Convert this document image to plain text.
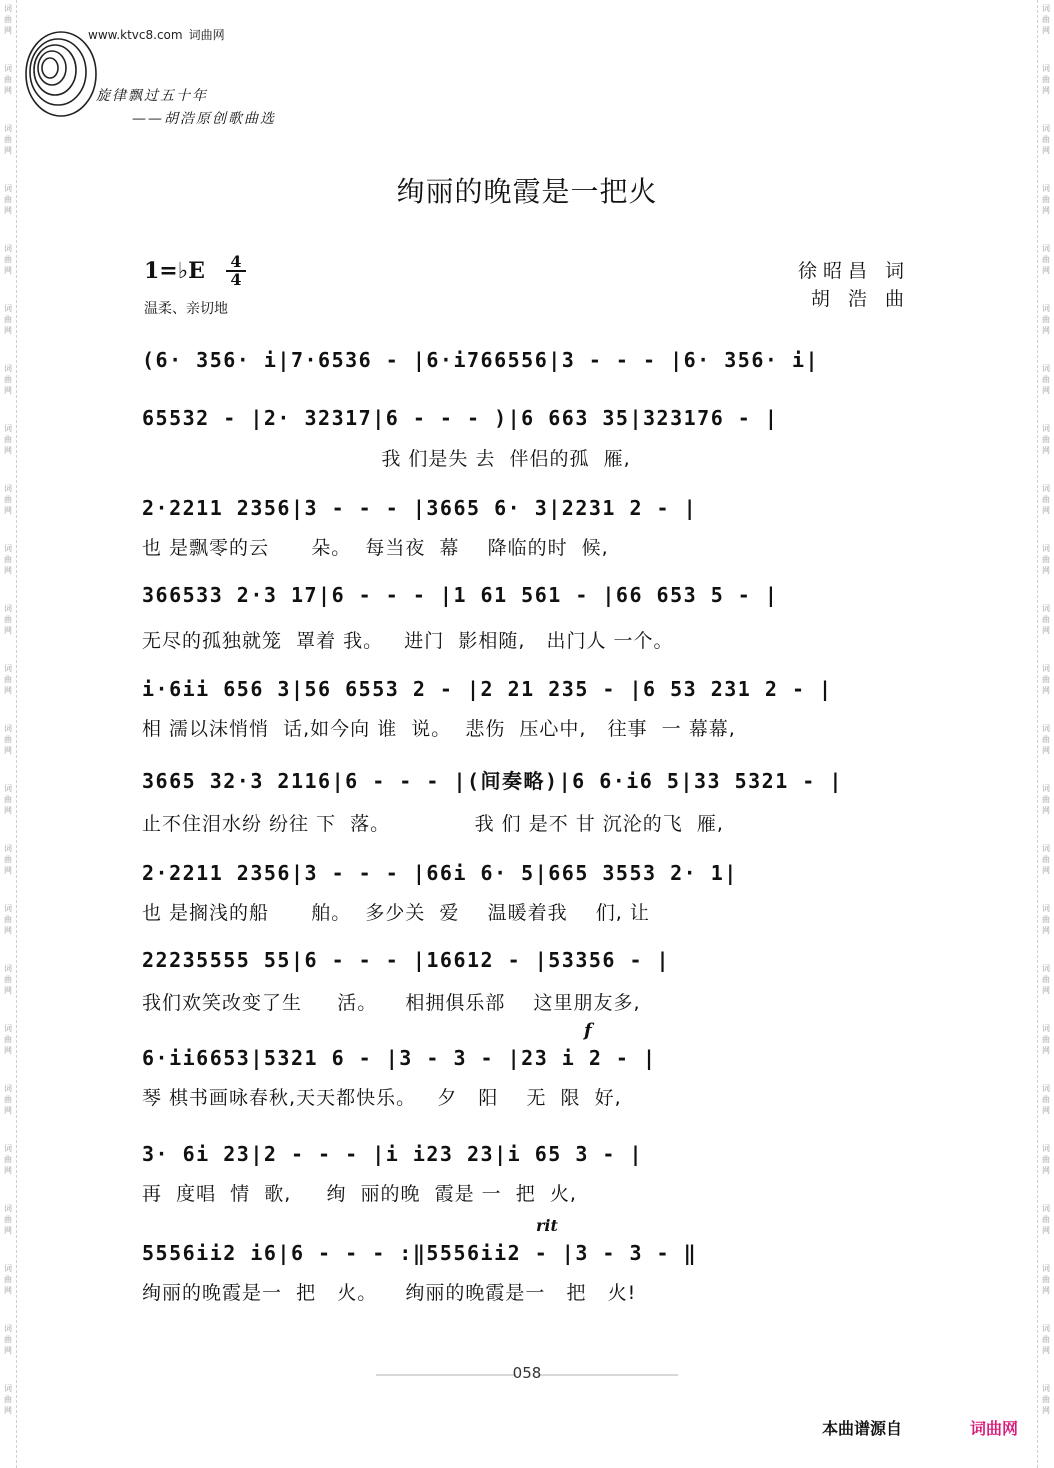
词
曲
网
词
曲
网
词
曲
网
词
曲
网
词
曲
网
词
曲
网
词
曲
网
词
曲
网
词
曲
网
词
曲
网
词
曲
网
词
曲
网
词
曲
网
词
曲
网
词
曲
网
词
曲
网
词
曲
网
词
曲
网
词
曲
网
词
曲
网
词
曲
网
词
曲
网
词
曲
网
词
曲
网
词
曲
网
词
曲
网
词
曲
网
词
曲
网
词
曲
网
词
曲
网
词
曲
网
词
曲
网
词
曲
网
词
曲
网
词
曲
网
词
曲
网
词
曲
网
词
曲
网
词
曲
网
词
曲
网
词
曲
网
词
曲
网
词
曲
网
词
曲
网
词
曲
网
词
曲
网
词
曲
网
词
曲
网
www.ktvc8.com 词曲网
旋律飘过五十年
——胡浩原创歌曲选
绚丽的晚霞是一把火
1=♭E 4
4
温柔、亲切地
徐昭昌 词
胡 浩 曲
(6· 356· i|7·6536 - |6·i766556|3 - - - |6· 356· i|
65532 - |2· 32317|6 - - - )|6 663 35|323176 - |
我 们是失 去  伴侣的孤  雁,
2·2211 2356|3 - - - |3665 6· 3|2231 2 - |
也 是飘零的云      朵。  每当夜  幕    降临的时  候,
366533 2·3 17|6 - - - |1 61 561 - |66 653 5 - |
无尽的孤独就笼  罩着 我。   进门  影相随,   出门人 一个。
i·6ii 656 3|56 6553 2 - |2 21 235 - |6 53 231 2 - |
相 濡以沫悄悄  话,如今向 谁  说。  悲伤  压心中,   往事  一 幕幕,
3665 32·3 2116|6 - - - |(间奏略)|6 6·i6 5|33 5321 - |
止不住泪水纷 纷往 下  落。            我 们 是不 甘 沉沦的飞  雁,
2·2211 2356|3 - - - |66i 6· 5|665 3553 2· 1|
也 是搁浅的船      舶。  多少关  爱    温暖着我    们, 让
22235555 55|6 - - - |16612 - |53356 - |
我们欢笑改变了生     活。    相拥俱乐部    这里朋友多,
6·ii6653|5321 6 - |3 - 3 - |23 i 2 - |
琴 棋书画咏春秋,天天都快乐。   夕   阳    无  限  好,
3· 6i 23|2 - - - |i i23 23|i 65 3 - |
再  度唱  情  歌,     绚  丽的晚  霞是 一  把  火,
5556ii2 i6|6 - - - :‖5556ii2 - |3 - 3 - ‖
绚丽的晚霞是一  把   火。    绚丽的晚霞是一   把   火!
f
rit
058
本曲谱源自	词曲网
